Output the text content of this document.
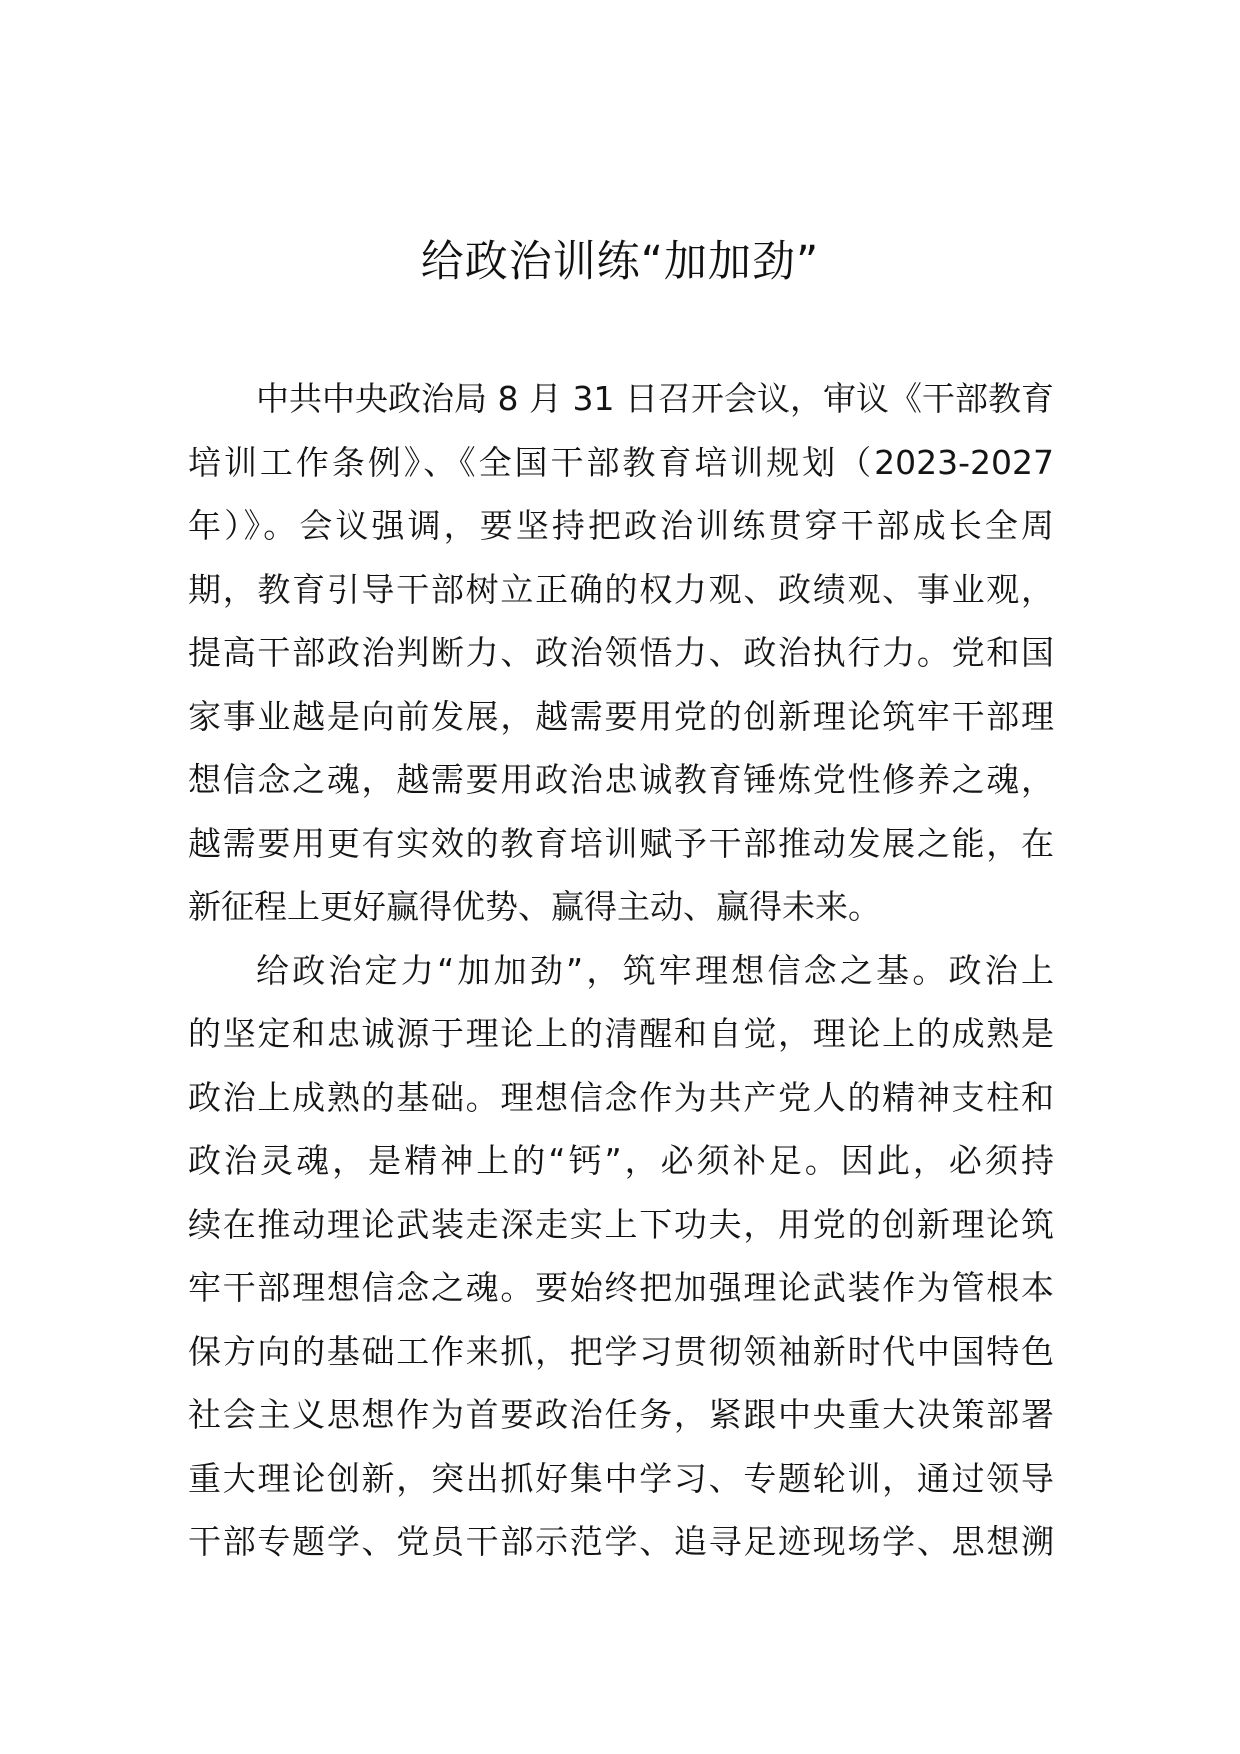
给政治训练“加加劲”
中共中央政治局 8 月 31 日召开会议，审议《干部教育
培训工作条例》、《全国干部教育培训规划（2023-2027
年）》。会议强调，要坚持把政治训练贯穿干部成长全周
期，教育引导干部树立正确的权力观、政绩观、事业观，
提高干部政治判断力、政治领悟力、政治执行力。党和国
家事业越是向前发展，越需要用党的创新理论筑牢干部理
想信念之魂，越需要用政治忠诚教育锤炼党性修养之魂，
越需要用更有实效的教育培训赋予干部推动发展之能，在
新征程上更好赢得优势、赢得主动、赢得未来。
给政治定力“加加劲”，筑牢理想信念之基。政治上
的坚定和忠诚源于理论上的清醒和自觉，理论上的成熟是
政治上成熟的基础。理想信念作为共产党人的精神支柱和
政治灵魂，是精神上的“钙”，必须补足。因此，必须持
续在推动理论武装走深走实上下功夫，用党的创新理论筑
牢干部理想信念之魂。要始终把加强理论武装作为管根本
保方向的基础工作来抓，把学习贯彻领袖新时代中国特色
社会主义思想作为首要政治任务，紧跟中央重大决策部署
重大理论创新，突出抓好集中学习、专题轮训，通过领导
干部专题学、党员干部示范学、追寻足迹现场学、思想溯
